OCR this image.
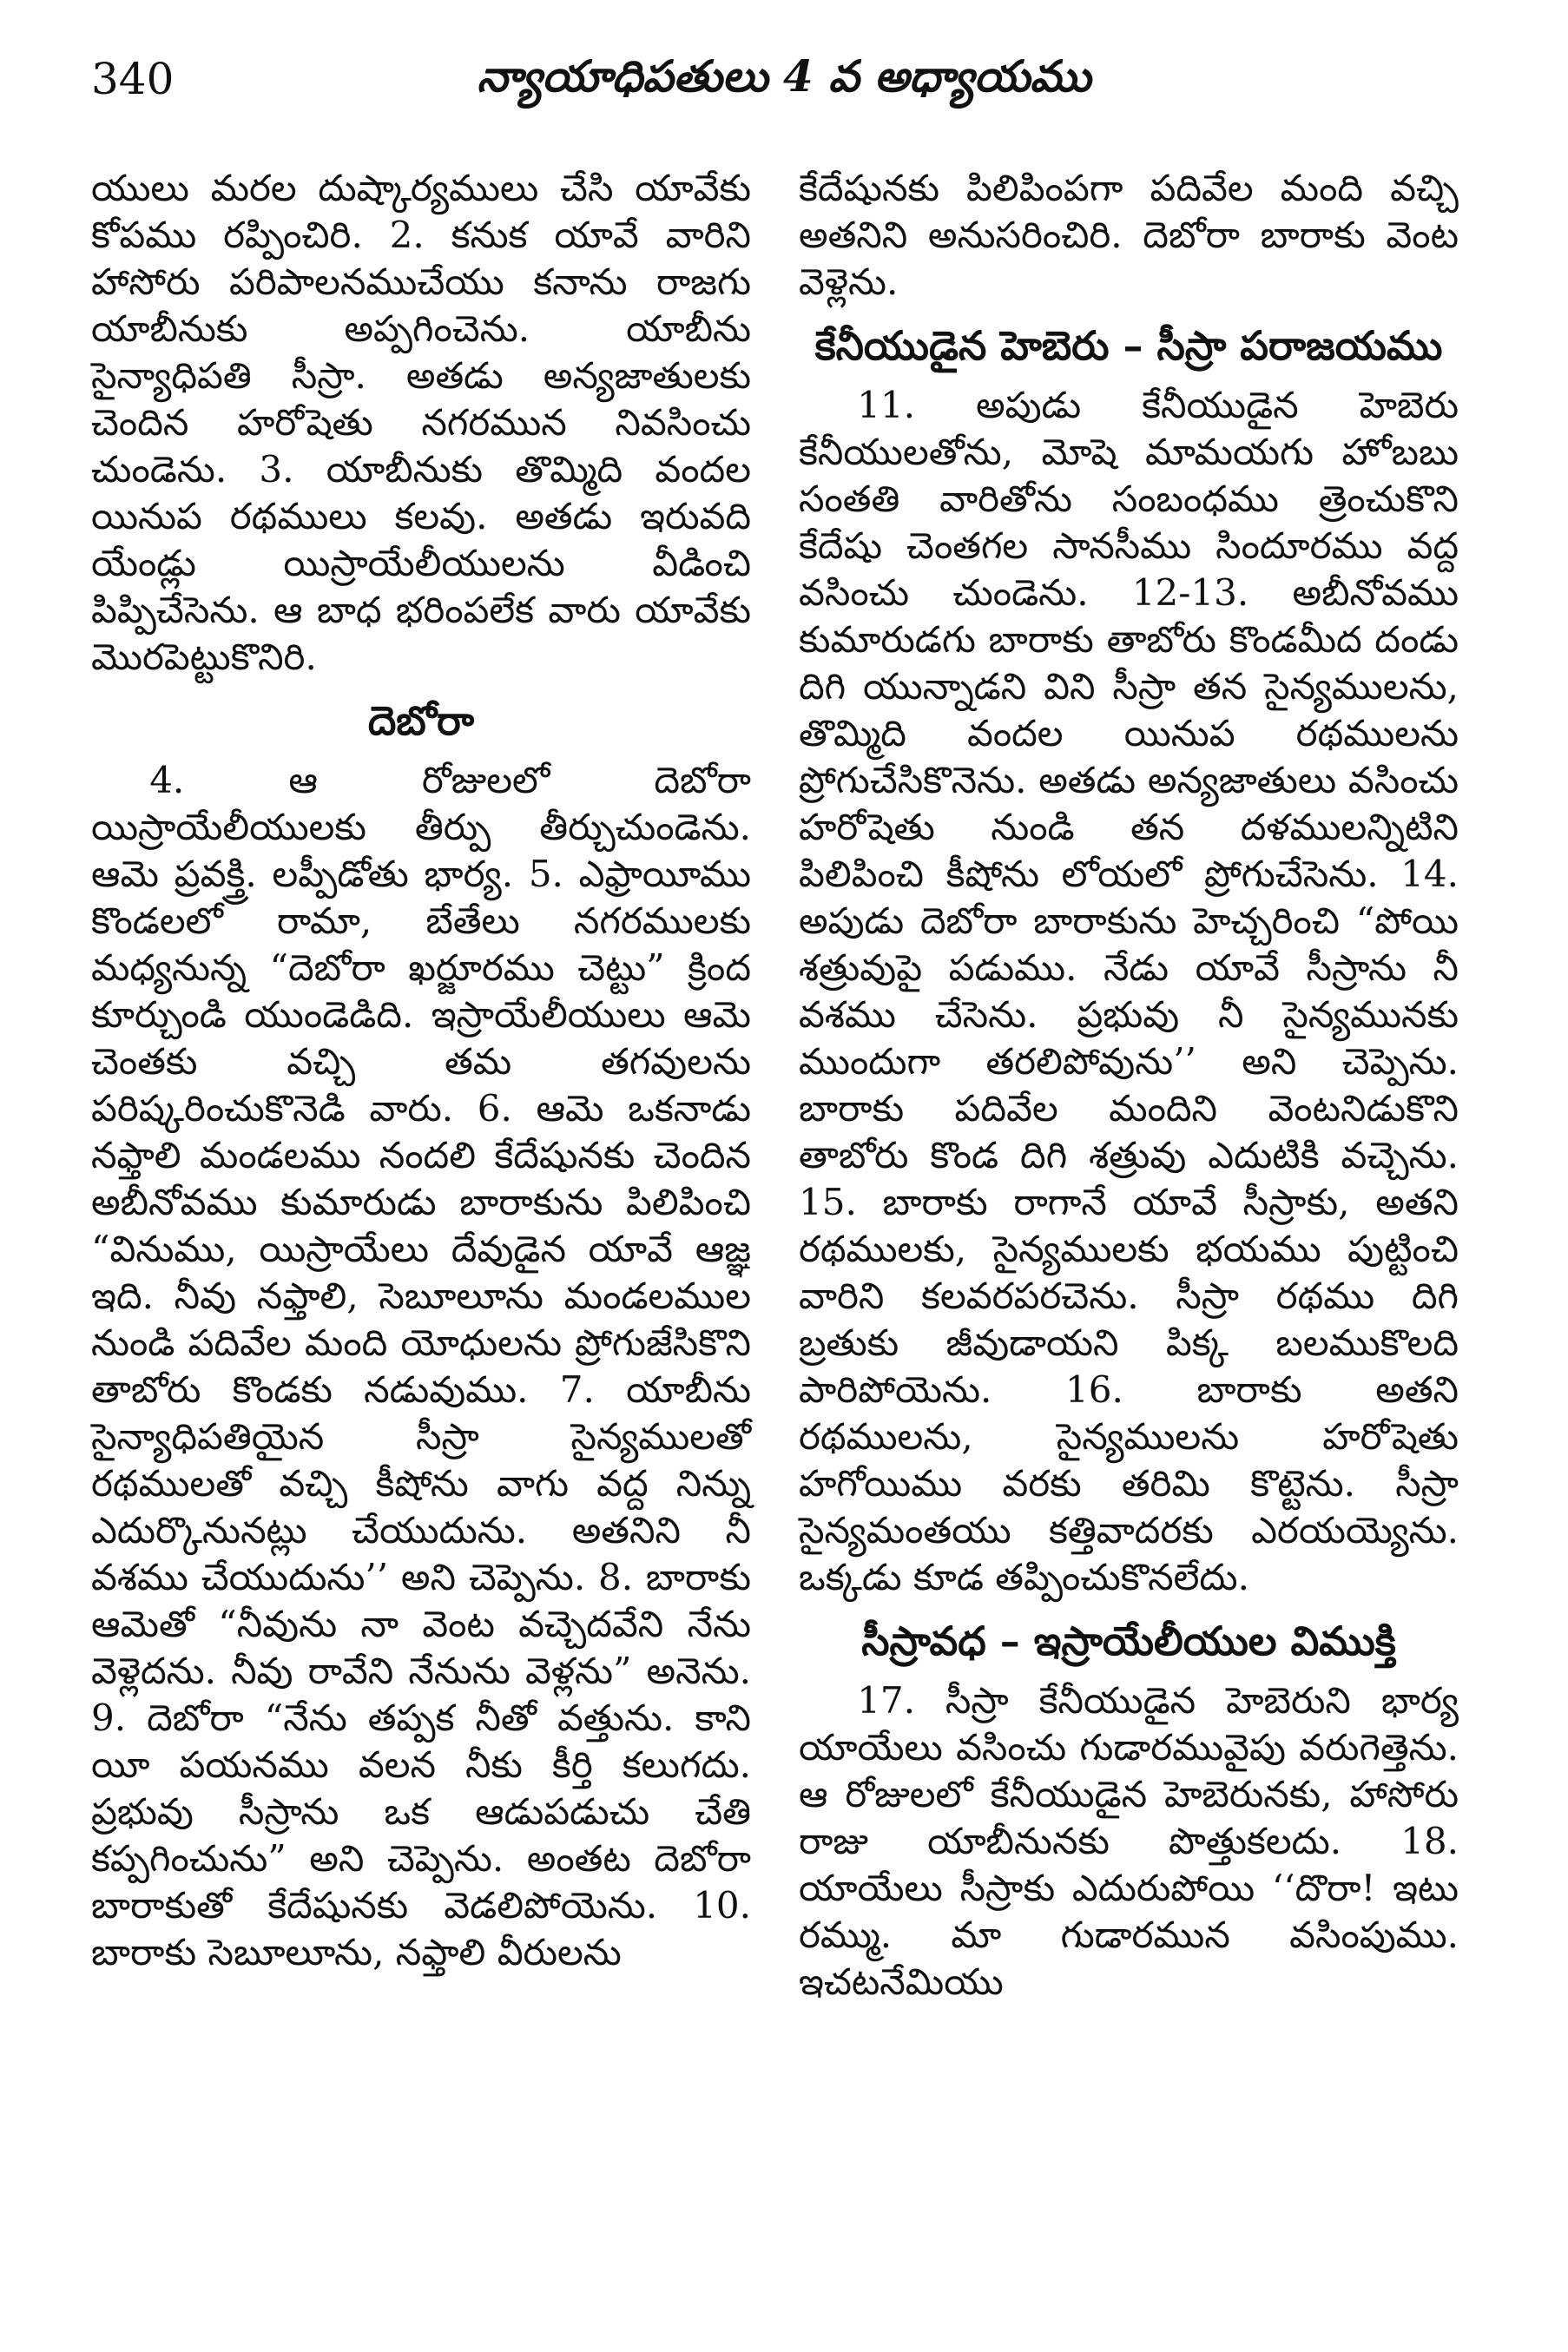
340	న్యాయాధిపతులు 4 వ అధ్యాయము

యులు మరల దుష్కార్యములు చేసి యావేకు కోపము రప్పించిరి. 2. కనుక యావే వారిని హాసోరు పరిపాలనముచేయు కనాను రాజగు యాబీనుకు అప్పగించెను. యాబీను సైన్యాధిపతి సీస్రా. అతడు అన్యజాతులకు చెందిన హరోషెతు నగరమున నివసించు చుండెను. 3. యాబీనుకు తొమ్మిది వందల యినుప రథములు కలవు. అతడు ఇరువది యేండ్లు యిస్రాయేలీయులను వీడించి పిప్పిచేసెను. ఆ బాధ భరింపలేక వారు యావేకు మొరపెట్టుకొనిరి.

దెబోరా

4. ఆ రోజులలో దెబోరా యిస్రాయేలీయులకు తీర్పు తీర్చుచుండెను. ఆమె ప్రవక్త్రి. లప్పీడోతు భార్య. 5. ఎఫ్రాయీము కొండలలో రామా, బేతేలు నగరములకు మధ్యనున్న “దెబోరా ఖర్జూరము చెట్టు” క్రింద కూర్చుండి యుండెడిది. ఇస్రాయేలీయులు ఆమె చెంతకు వచ్చి తమ తగవులను పరిష్కరించుకొనెడి వారు. 6. ఆమె ఒకనాడు నఫ్తాలి మండలము నందలి కేదేషునకు చెందిన అబీనోవము కుమారుడు బారాకును పిలిపించి “వినుము, యిస్రాయేలు దేవుడైన యావే ఆజ్ఞ ఇది. నీవు నఫ్తాలి, సెబూలూను మండలముల నుండి పదివేల మంది యోధులను ప్రోగుజేసికొని తాబోరు కొండకు నడువుము. 7. యాబీను సైన్యాధిపతియైన సీస్రా సైన్యములతో రథములతో వచ్చి కీషోను వాగు వద్ద నిన్ను ఎదుర్కొనునట్లు చేయుదును. అతనిని నీ వశము చేయుదును’’ అని చెప్పెను. 8. బారాకు ఆమెతో “నీవును నా వెంట వచ్చెదవేని నేను వెళ్లెదను. నీవు రావేని నేనును వెళ్లను” అనెను. 9. దెబోరా “నేను తప్పక నీతో వత్తును. కాని యీ పయనము వలన నీకు కీర్తి కలుగదు. ప్రభువు సీస్రాను ఒక ఆడుపడుచు చేతి కప్పగించును” అని చెప్పెను. అంతట దెబోరా బారాకుతో కేదేషునకు వెడలిపోయెను. 10. బారాకు సెబూలూను, నఫ్తాలి వీరులను

కేదేషునకు పిలిపింపగా పదివేల మంది వచ్చి అతనిని అనుసరించిరి. దెబోరా బారాకు వెంట వెళ్లెను.

కేనీయుడైన హెబెరు – సీస్రా పరాజయము

11. అపుడు కేనీయుడైన హెబెరు కేనీయులతోను, మోషె మామయగు హోబబు సంతతి వారితోను సంబంధము త్రెంచుకొని కేదేషు చెంతగల సానసీము సిందూరము వద్ద వసించు చుండెను. 12-13. అబీనోవము కుమారుడగు బారాకు తాబోరు కొండమీద దండు దిగి యున్నాడని విని సీస్రా తన సైన్యములను, తొమ్మిది వందల యినుప రథములను ప్రోగుచేసికొనెను. అతడు అన్యజాతులు వసించు హరోషెతు నుండి తన దళములన్నిటిని పిలిపించి కీషోను లోయలో ప్రోగుచేసెను. 14. అపుడు దెబోరా బారాకును హెచ్చరించి “పోయి శత్రువుపై పడుము. నేడు యావే సీస్రాను నీ వశము చేసెను. ప్రభువు నీ సైన్యమునకు ముందుగా తరలిపోవును’’ అని చెప్పెను. బారాకు పదివేల మందిని వెంటనిడుకొని తాబోరు కొండ దిగి శత్రువు ఎదుటికి వచ్చెను. 15. బారాకు రాగానే యావే సీస్రాకు, అతని రథములకు, సైన్యములకు భయము పుట్టించి వారిని కలవరపరచెను. సీస్రా రథము దిగి బ్రతుకు జీవుడాయని పిక్క బలముకొలది పారిపోయెను. 16. బారాకు అతని రథములను, సైన్యములను హరోషెతు హగోయిము వరకు తరిమి కొట్టెను. సీస్రా సైన్యమంతయు కత్తివాదరకు ఎరయయ్యెను. ఒక్కడు కూడ తప్పించుకొనలేదు.

సీస్రావధ – ఇస్రాయేలీయుల విముక్తి

17. సీస్రా కేనీయుడైన హెబెరుని భార్య యాయేలు వసించు గుడారమువైపు వరుగెత్తెను. ఆ రోజులలో కేనీయుడైన హెబెరునకు, హాసోరు రాజు యాబీనునకు పొత్తుకలదు. 18. యాయేలు సీస్రాకు ఎదురుపోయి ‘‘దొరా! ఇటు రమ్ము. మా గుడారమున వసింపుము. ఇచటనేమియు
